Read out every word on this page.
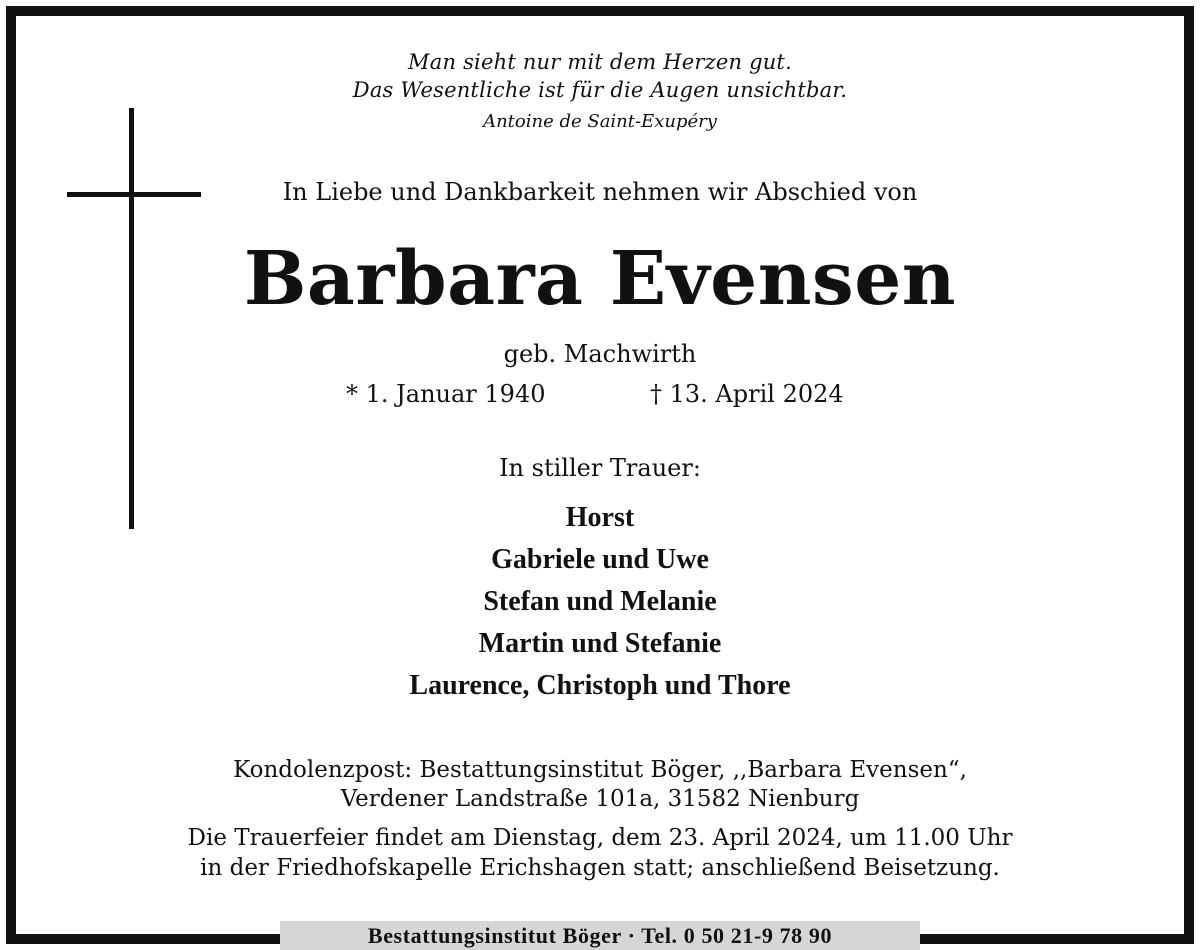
Man sieht nur mit dem Herzen gut.
Das Wesentliche ist für die Augen unsichtbar.
Antoine de Saint-Exupéry
In Liebe und Dankbarkeit nehmen wir Abschied von
Barbara Evensen
geb. Machwirth
* 1. Januar 1940	† 13. April 2024
In stiller Trauer:
Horst
Gabriele und Uwe
Stefan und Melanie
Martin und Stefanie
Laurence, Christoph und Thore
Kondolenzpost: Bestattungsinstitut Böger, ,,Barbara Evensen“,
Verdener Landstraße 101a, 31582 Nienburg
Die Trauerfeier findet am Dienstag, dem 23. April 2024, um 11.00 Uhr
in der Friedhofskapelle Erichshagen statt; anschließend Beisetzung.
Bestattungsinstitut Böger · Tel. 0 50 21-9 78 90
